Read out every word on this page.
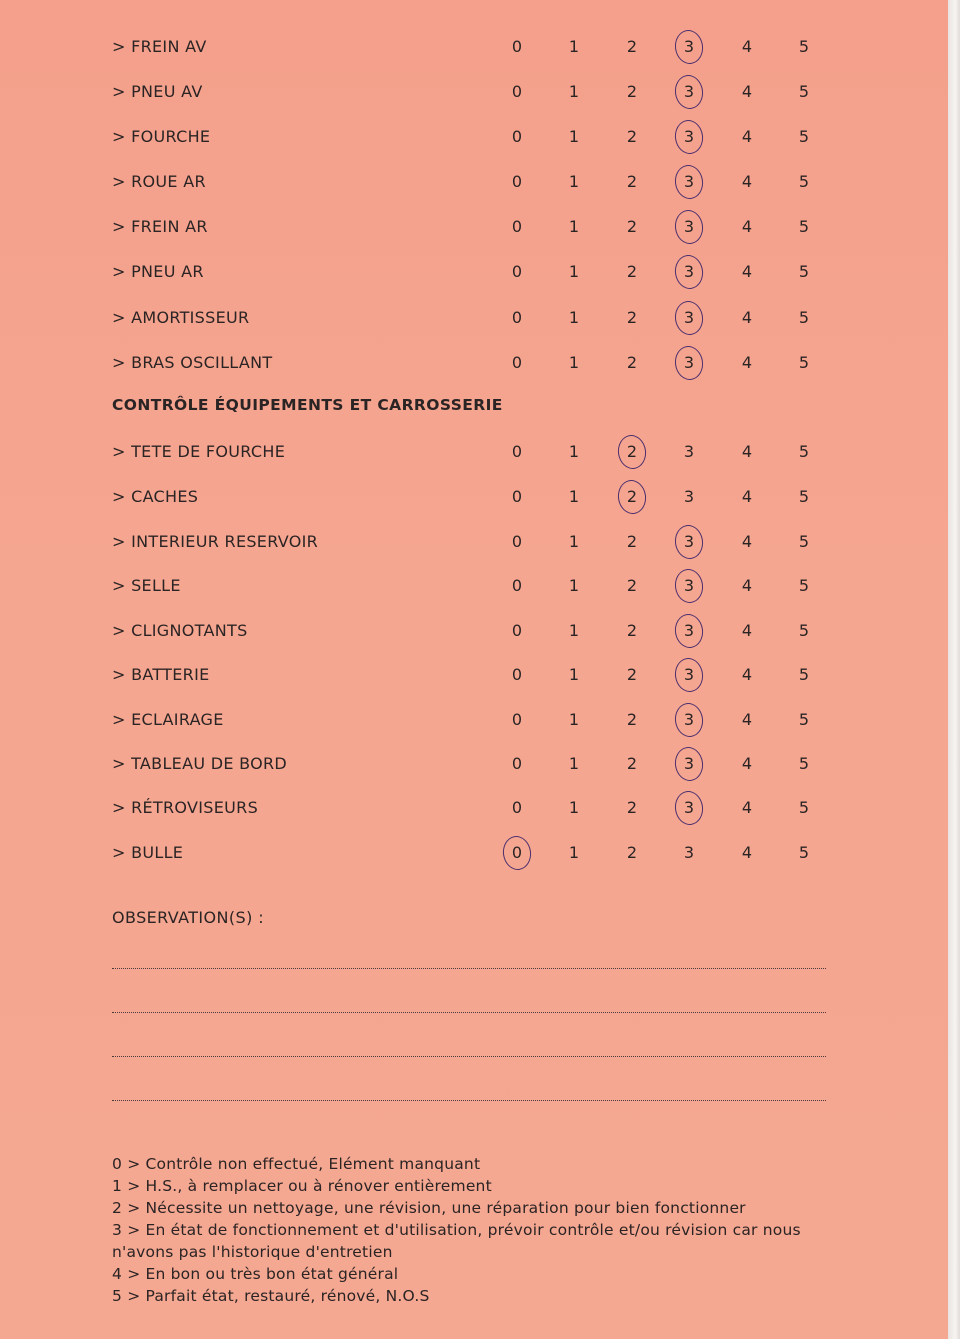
> FREIN AV	0	1	2	3	4	5
> PNEU AV	0	1	2	3	4	5
> FOURCHE	0	1	2	3	4	5
> ROUE AR	0	1	2	3	4	5
> FREIN AR	0	1	2	3	4	5
> PNEU AR	0	1	2	3	4	5
> AMORTISSEUR	0	1	2	3	4	5
> BRAS OSCILLANT	0	1	2	3	4	5
CONTRÔLE ÉQUIPEMENTS ET CARROSSERIE
> TETE DE FOURCHE	0	1	2	3	4	5
> CACHES	0	1	2	3	4	5
> INTERIEUR RESERVOIR	0	1	2	3	4	5
> SELLE	0	1	2	3	4	5
> CLIGNOTANTS	0	1	2	3	4	5
> BATTERIE	0	1	2	3	4	5
> ECLAIRAGE	0	1	2	3	4	5
> TABLEAU DE BORD	0	1	2	3	4	5
> RÉTROVISEURS	0	1	2	3	4	5
> BULLE	0	1	2	3	4	5
OBSERVATION(S) :
0 > Contrôle non effectué, Elément manquant
1 > H.S., à remplacer ou à rénover entièrement
2 > Nécessite un nettoyage, une révision, une réparation pour bien fonctionner
3 > En état de fonctionnement et d'utilisation, prévoir contrôle et/ou révision car nous
n'avons pas l'historique d'entretien
4 > En bon ou très bon état général
5 > Parfait état, restauré, rénové, N.O.S
